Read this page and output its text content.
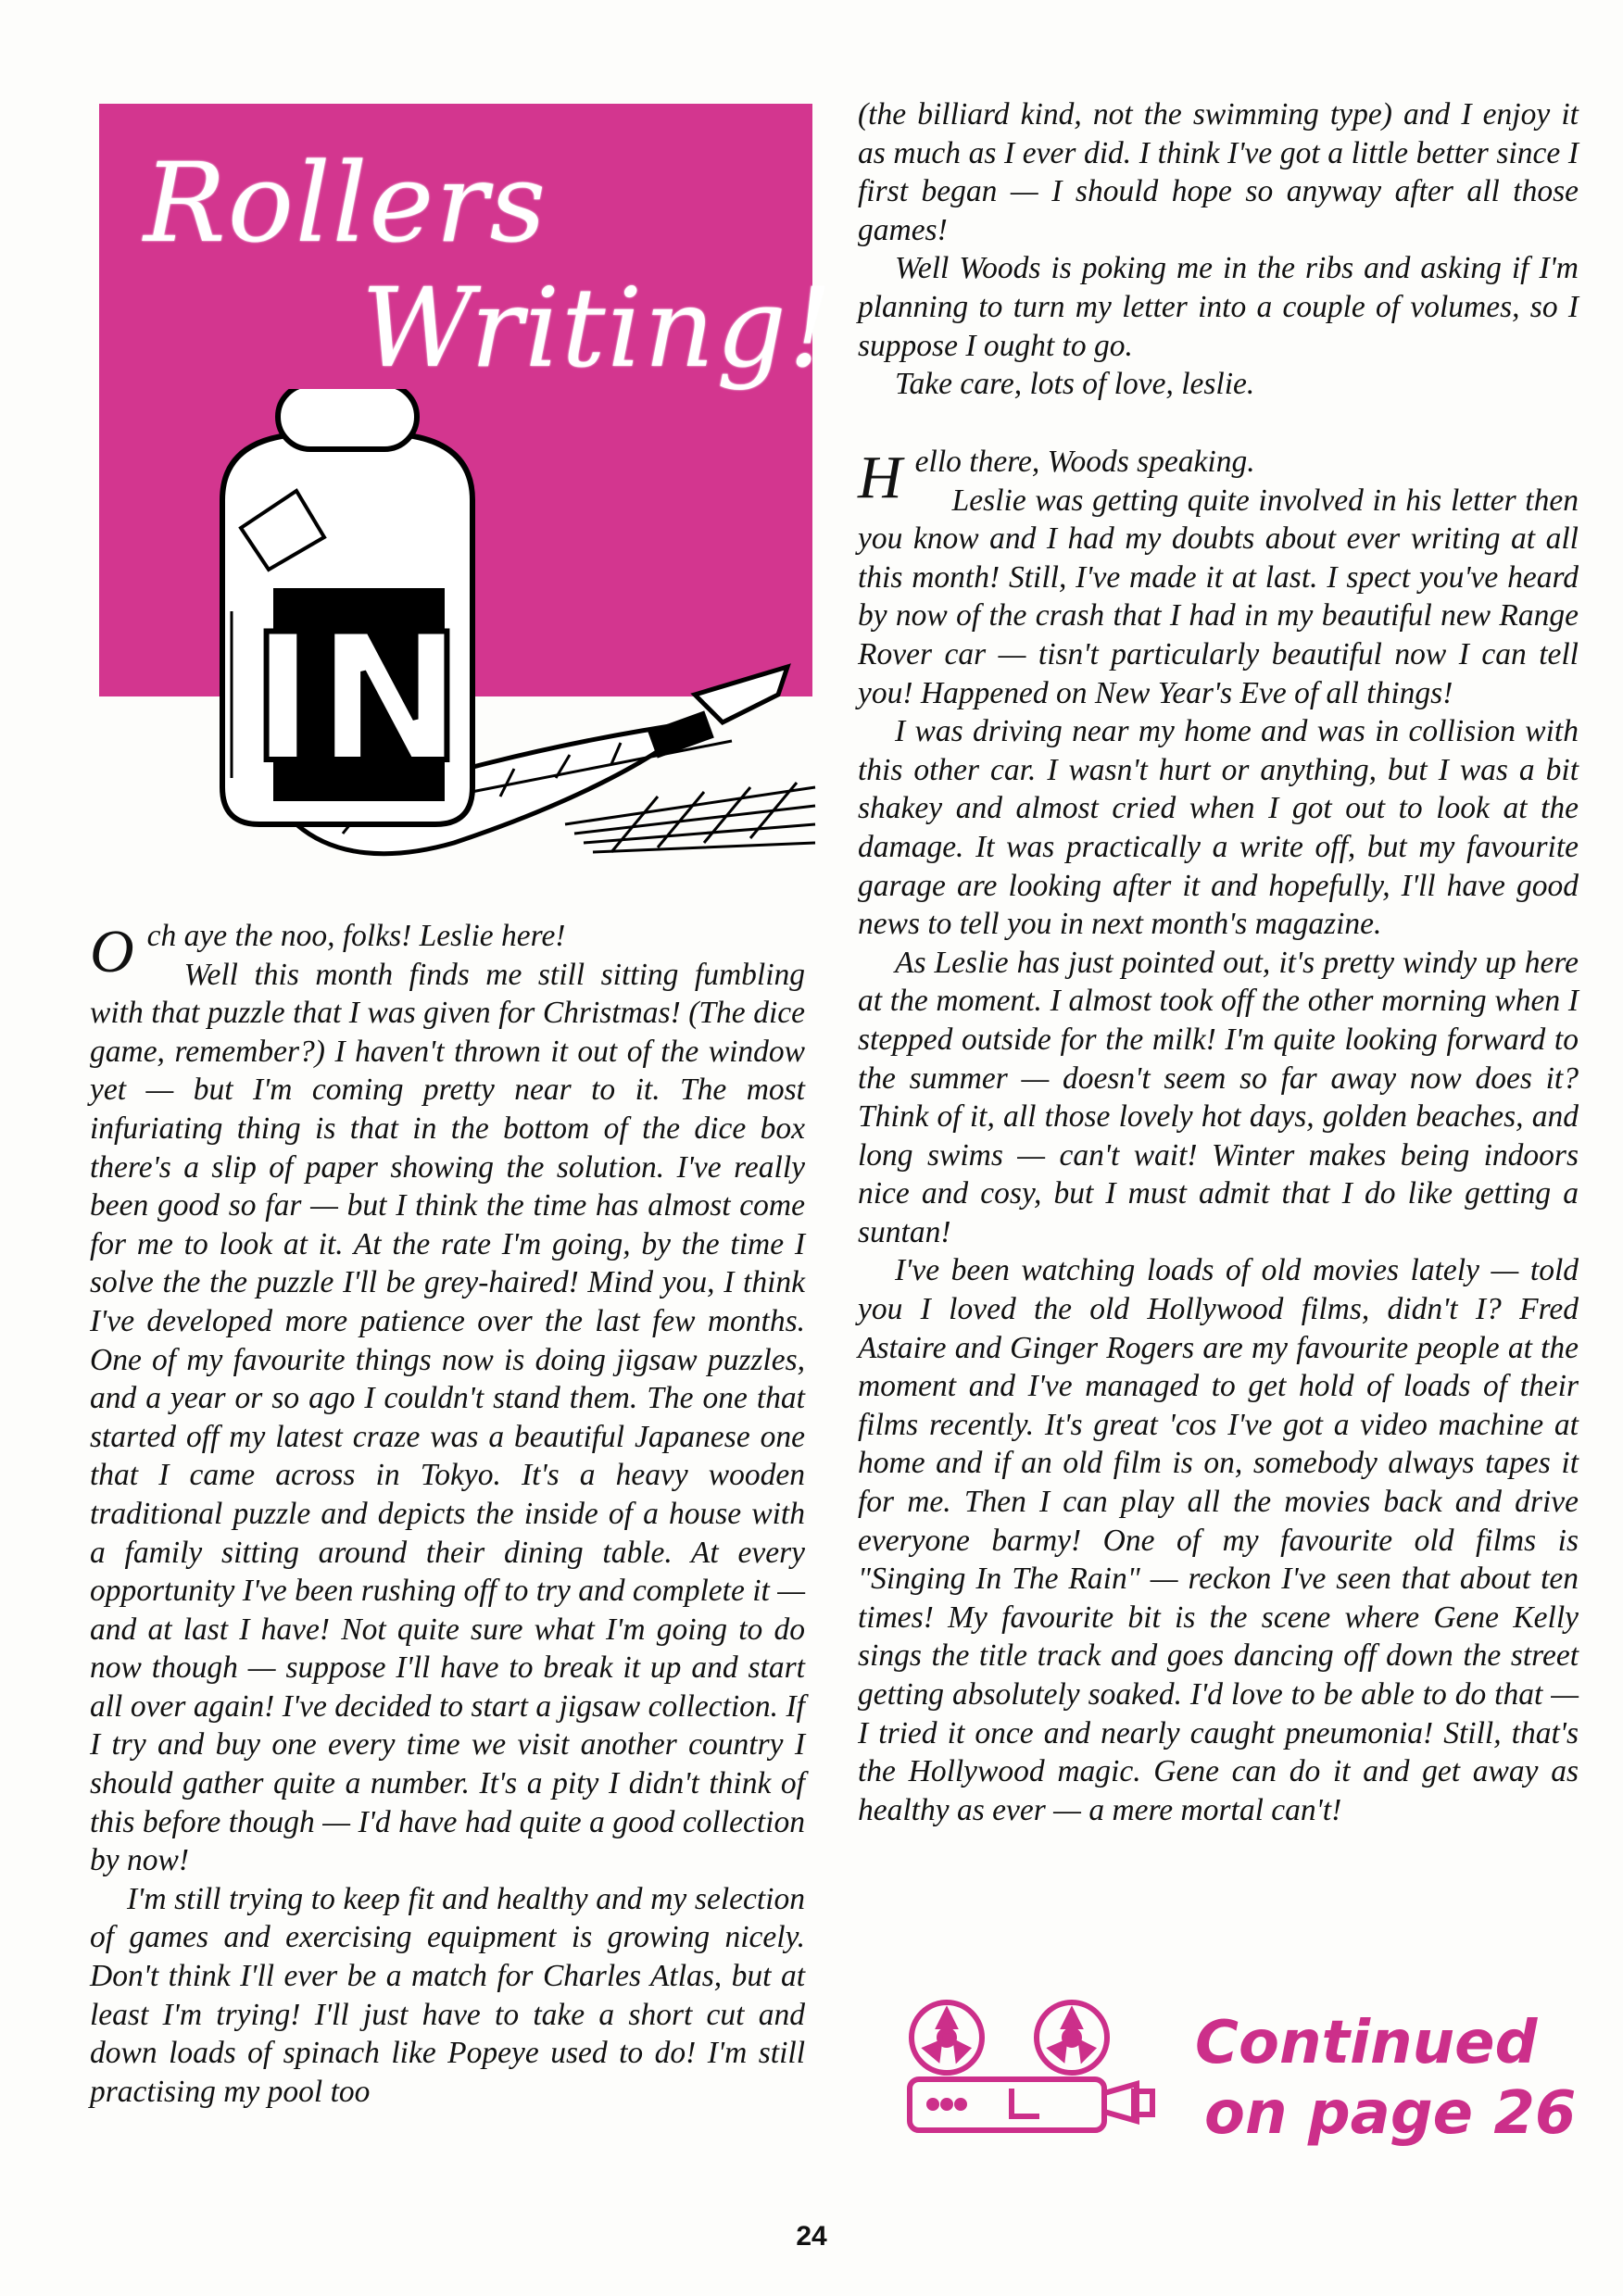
Rollers
Writing!
IN
O ch aye the noo, folks! Leslie here!

Well this month finds me still sitting fumbling with that puzzle that I was given for Christmas! (The dice game, remember?) I haven't thrown it out of the window yet — but I'm coming pretty near to it. The most infuriating thing is that in the bottom of the dice box there's a slip of paper showing the solution. I've really been good so far — but I think the time has almost come for me to look at it. At the rate I'm going, by the time I solve the the puzzle I'll be grey-haired! Mind you, I think I've developed more patience over the last few months. One of my favourite things now is doing jigsaw puzzles, and a year or so ago I couldn't stand them. The one that started off my latest craze was a beautiful Japanese one that I came across in Tokyo. It's a heavy wooden traditional puzzle and depicts the inside of a house with a family sitting around their dining table. At every opportunity I've been rushing off to try and complete it — and at last I have! Not quite sure what I'm going to do now though — suppose I'll have to break it up and start all over again! I've decided to start a jigsaw collection. If I try and buy one every time we visit another country I should gather quite a number. It's a pity I didn't think of this before though — I'd have had quite a good collection by now!

I'm still trying to keep fit and healthy and my selection of games and exercising equipment is growing nicely. Don't think I'll ever be a match for Charles Atlas, but at least I'm trying! I'll just have to take a short cut and down loads of spinach like Popeye used to do! I'm still practising my pool too

(the billiard kind, not the swimming type) and I enjoy it as much as I ever did. I think I've got a little better since I first began — I should hope so anyway after all those games!

Well Woods is poking me in the ribs and asking if I'm planning to turn my letter into a couple of volumes, so I suppose I ought to go.

Take care, lots of love, leslie.

H ello there, Woods speaking.

Leslie was getting quite involved in his letter then you know and I had my doubts about ever writing at all this month! Still, I've made it at last. I spect you've heard by now of the crash that I had in my beautiful new Range Rover car — tisn't particularly beautiful now I can tell you! Happened on New Year's Eve of all things!

I was driving near my home and was in collision with this other car. I wasn't hurt or anything, but I was a bit shakey and almost cried when I got out to look at the damage. It was practically a write off, but my favourite garage are looking after it and hopefully, I'll have good news to tell you in next month's magazine.

As Leslie has just pointed out, it's pretty windy up here at the moment. I almost took off the other morning when I stepped outside for the milk! I'm quite looking forward to the summer — doesn't seem so far away now does it? Think of it, all those lovely hot days, golden beaches, and long swims — can't wait! Winter makes being indoors nice and cosy, but I must admit that I do like getting a suntan!

I've been watching loads of old movies lately — told you I loved the old Hollywood films, didn't I? Fred Astaire and Ginger Rogers are my favourite people at the moment and I've managed to get hold of loads of their films recently. It's great 'cos I've got a video machine at home and if an old film is on, somebody always tapes it for me. Then I can play all the movies back and drive everyone barmy! One of my favourite old films is "Singing In The Rain" — reckon I've seen that about ten times! My favourite bit is the scene where Gene Kelly sings the title track and goes dancing off down the street getting absolutely soaked. I'd love to be able to do that — I tried it once and nearly caught pneumonia! Still, that's the Hollywood magic. Gene can do it and get away as healthy as ever — a mere mortal can't!

Continued
on page 26
24
